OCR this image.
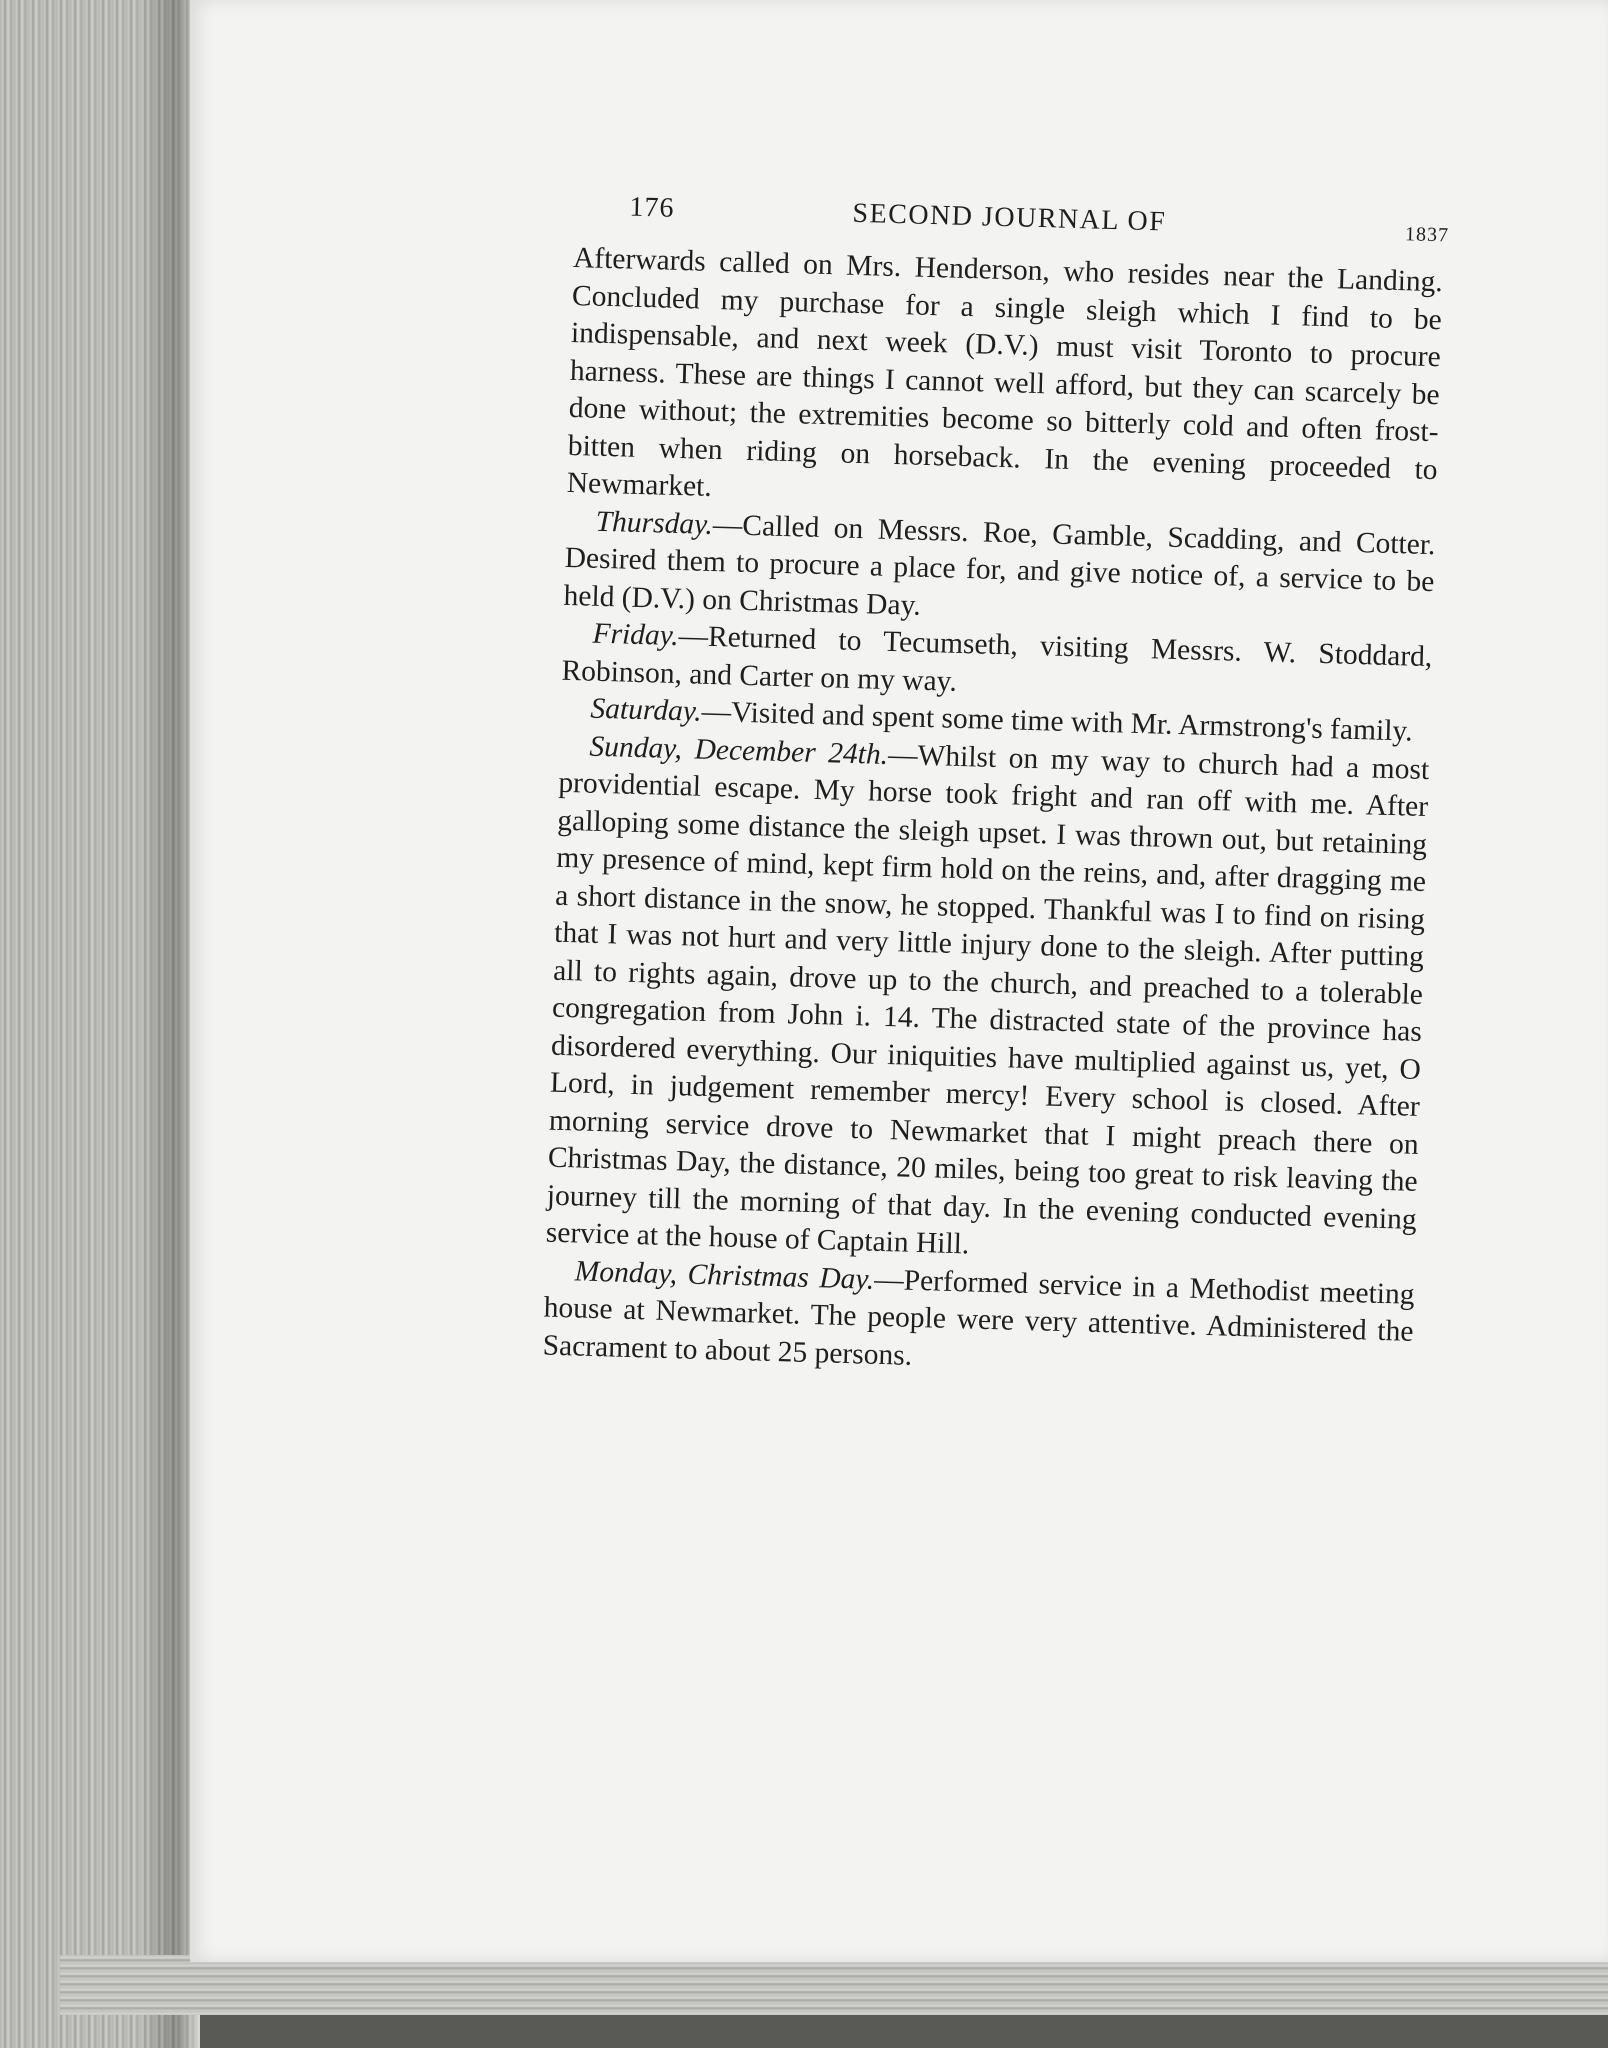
176	SECOND JOURNAL OF	1837

Afterwards called on Mrs. Henderson, who resides near the Landing. Concluded my purchase for a single sleigh which I find to be indispensable, and next week (D.V.) must visit Toronto to procure harness. These are things I cannot well afford, but they can scarcely be done without; the extremities become so bitterly cold and often frost-bitten when riding on horseback. In the evening proceeded to Newmarket.

Thursday.—Called on Messrs. Roe, Gamble, Scadding, and Cotter. Desired them to procure a place for, and give notice of, a service to be held (D.V.) on Christmas Day.

Friday.—Returned to Tecumseth, visiting Messrs. W. Stoddard, Robinson, and Carter on my way.

Saturday.—Visited and spent some time with Mr. Armstrong's family.

Sunday, December 24th.—Whilst on my way to church had a most providential escape. My horse took fright and ran off with me. After galloping some distance the sleigh upset. I was thrown out, but retaining my presence of mind, kept firm hold on the reins, and, after dragging me a short distance in the snow, he stopped. Thankful was I to find on rising that I was not hurt and very little injury done to the sleigh. After putting all to rights again, drove up to the church, and preached to a tolerable congregation from John i. 14. The distracted state of the province has disordered everything. Our iniquities have multiplied against us, yet, O Lord, in judgement remember mercy! Every school is closed. After morning service drove to Newmarket that I might preach there on Christmas Day, the distance, 20 miles, being too great to risk leaving the journey till the morning of that day. In the evening conducted evening service at the house of Captain Hill.

Monday, Christmas Day.—Performed service in a Methodist meeting house at Newmarket. The people were very attentive. Administered the Sacrament to about 25 persons.
